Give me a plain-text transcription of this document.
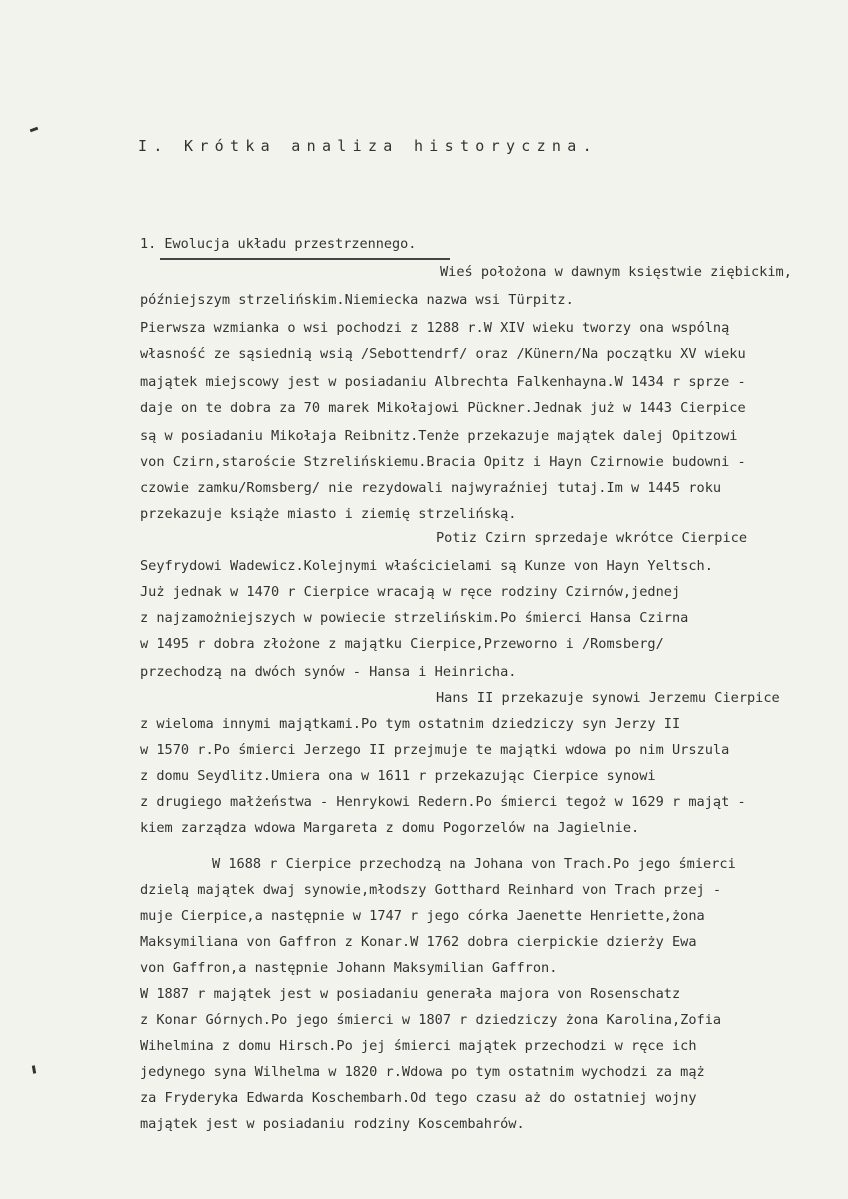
I. Krótka analiza historyczna.
1. Ewolucja układu przestrzennego.
Wieś położona w dawnym księstwie ziębickim,
późniejszym strzelińskim.Niemiecka nazwa wsi Türpitz.
Pierwsza wzmianka o wsi pochodzi z 1288 r.W XIV wieku tworzy ona wspólną
własność ze sąsiednią wsią /Sebottendrf/ oraz /Künern/Na początku XV wieku
majątek miejscowy jest w posiadaniu Albrechta Falkenhayna.W 1434 r sprze -
daje on te dobra za 70 marek Mikołajowi Pückner.Jednak już w 1443 Cierpice
są w posiadaniu Mikołaja Reibnitz.Tenże przekazuje majątek dalej Opitzowi
von Czirn,staroście Stzrelińskiemu.Bracia Opitz i Hayn Czirnowie budowni -
czowie zamku/Romsberg/ nie rezydowali najwyraźniej tutaj.Im w 1445 roku
przekazuje książe miasto i ziemię strzelińską.
Potiz Czirn sprzedaje wkrótce Cierpice
Seyfrydowi Wadewicz.Kolejnymi właścicielami są Kunze von Hayn Yeltsch.
Już jednak w 1470 r Cierpice wracają w ręce rodziny Czirnów,jednej
z najzamożniejszych w powiecie strzelińskim.Po śmierci Hansa Czirna
w 1495 r dobra złożone z majątku Cierpice,Przeworno i /Romsberg/
przechodzą na dwóch synów - Hansa i Heinricha.
Hans II przekazuje synowi Jerzemu Cierpice
z wieloma innymi majątkami.Po tym ostatnim dziedziczy syn Jerzy II
w 1570 r.Po śmierci Jerzego II przejmuje te majątki wdowa po nim Urszula
z domu Seydlitz.Umiera ona w 1611 r przekazując Cierpice synowi
z drugiego małżeństwa - Henrykowi Redern.Po śmierci tegoż w 1629 r mająt -
kiem zarządza wdowa Margareta z domu Pogorzelów na Jagielnie.
W 1688 r Cierpice przechodzą na Johana von Trach.Po jego śmierci
dzielą majątek dwaj synowie,młodszy Gotthard Reinhard von Trach przej -
muje Cierpice,a następnie w 1747 r jego córka Jaenette Henriette,żona
Maksymiliana von Gaffron z Konar.W 1762 dobra cierpickie dzierży Ewa
von Gaffron,a następnie Johann Maksymilian Gaffron.
W 1887 r majątek jest w posiadaniu generała majora von Rosenschatz
z Konar Górnych.Po jego śmierci w 1807 r dziedziczy żona Karolina,Zofia
Wihelmina z domu Hirsch.Po jej śmierci majątek przechodzi w ręce ich
jedynego syna Wilhelma w 1820 r.Wdowa po tym ostatnim wychodzi za mąż
za Fryderyka Edwarda Koschembarh.Od tego czasu aż do ostatniej wojny
majątek jest w posiadaniu rodziny Koscembahrów.
